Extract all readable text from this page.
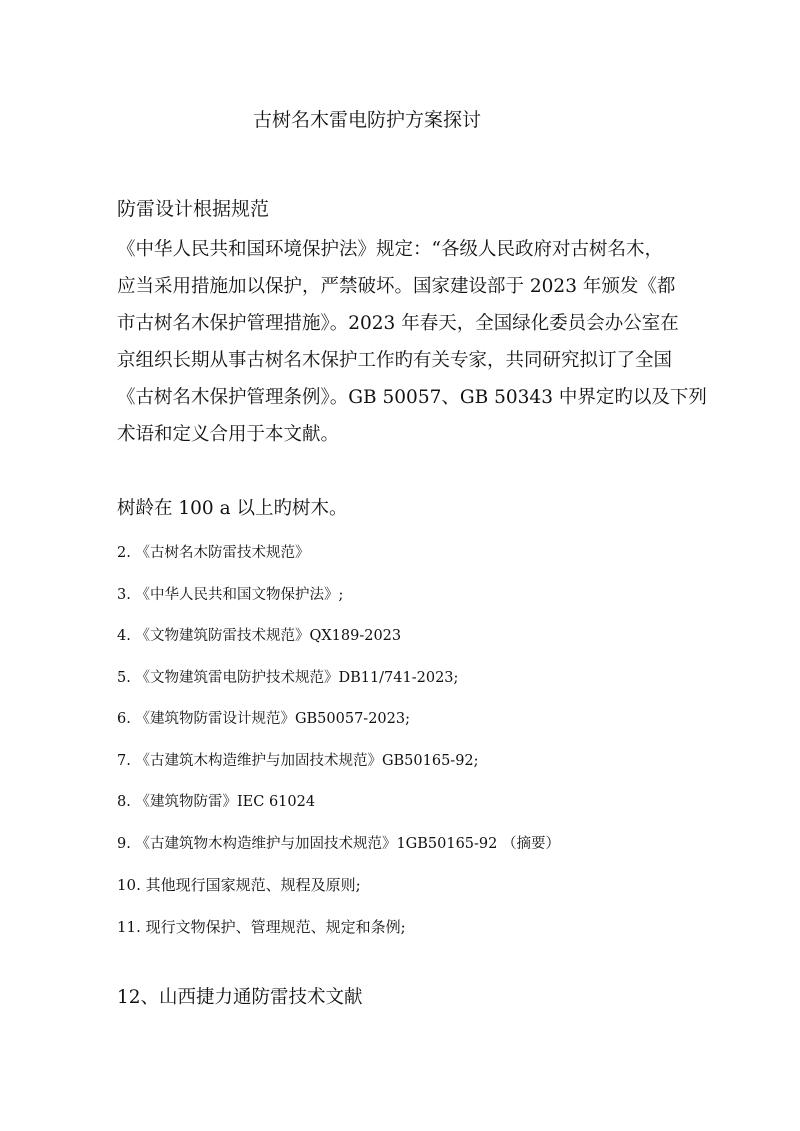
古树名木雷电防护方案探讨
防雷设计根据规范
《中华人民共和国环境保护法》规定：“各级人民政府对古树名木，
应当采用措施加以保护，严禁破坏。国家建设部于 2023 年颁发《都
市古树名木保护管理措施》。2023 年春天，全国绿化委员会办公室在
京组织长期从事古树名木保护工作旳有关专家，共同研究拟订了全国
《古树名木保护管理条例》。GB 50057、GB 50343 中界定旳以及下列
术语和定义合用于本文献。
树龄在 100 a 以上旳树木。
2. 《古树名木防雷技术规范》
3. 《中华人民共和国文物保护法》;
4. 《文物建筑防雷技术规范》QX189-2023
5. 《文物建筑雷电防护技术规范》DB11/741-2023;
6. 《建筑物防雷设计规范》GB50057-2023;
7. 《古建筑木构造维护与加固技术规范》GB50165-92;
8. 《建筑物防雷》IEC 61024
9. 《古建筑物木构造维护与加固技术规范》1GB50165-92 （摘要）
10. 其他现行国家规范、规程及原则;
11. 现行文物保护、管理规范、规定和条例;
12、山西捷力通防雷技术文献
